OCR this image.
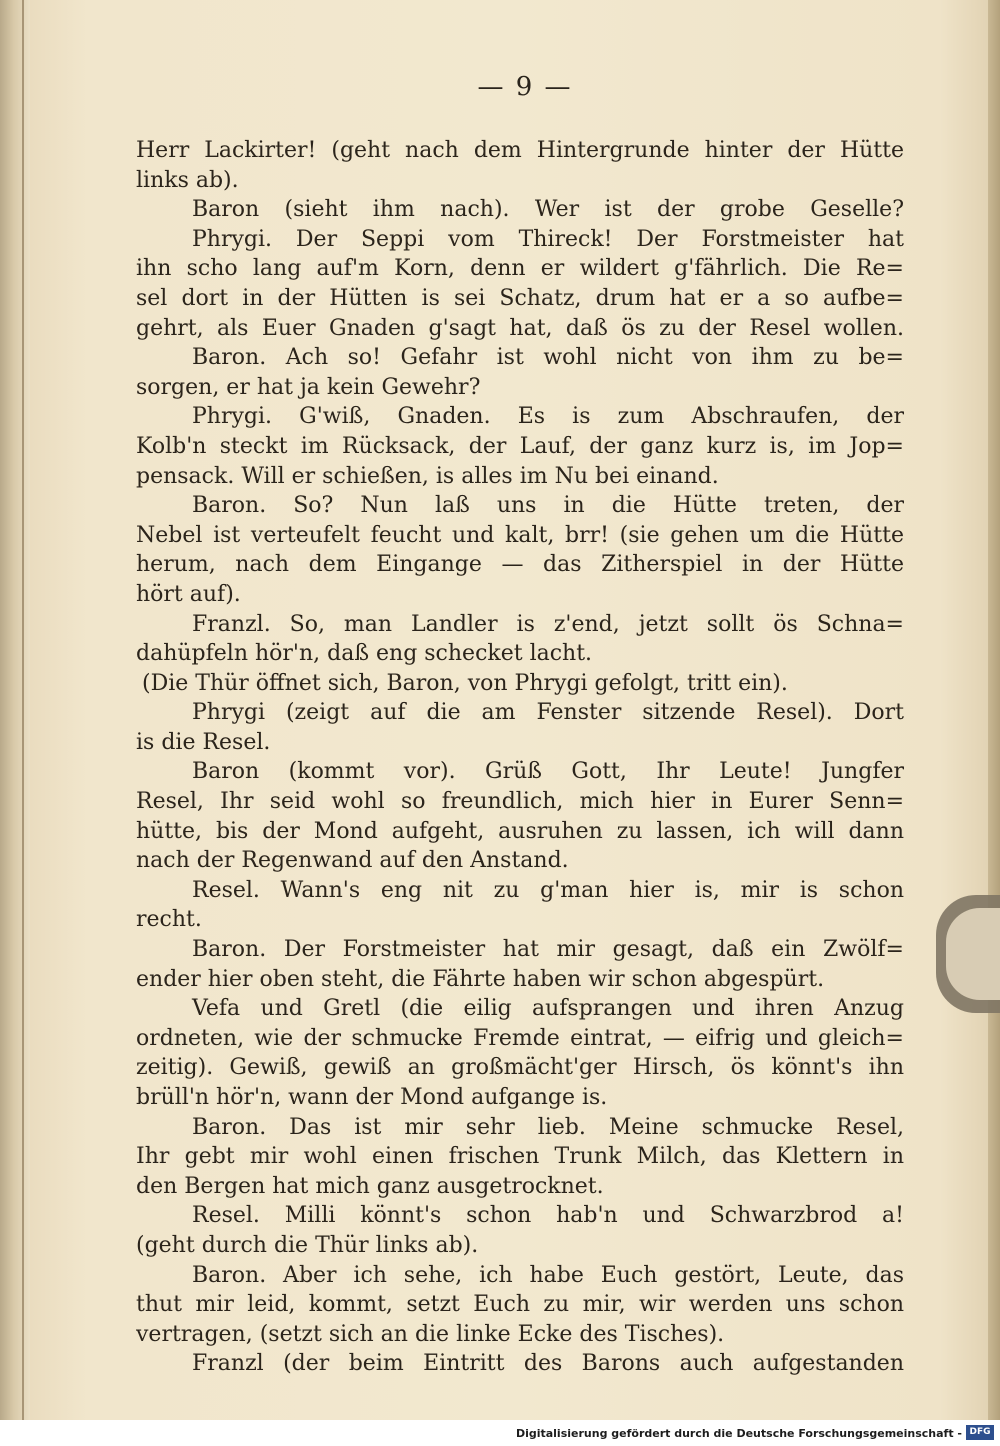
— 9 —
Herr Lackirter! (geht nach dem Hintergrunde hinter der Hütte
links ab).
Baron (sieht ihm nach). Wer ist der grobe Geselle?
Phrygi. Der Seppi vom Thireck! Der Forstmeister hat
ihn scho lang auf'm Korn, denn er wildert g'fährlich. Die Re=
sel dort in der Hütten is sei Schatz, drum hat er a so aufbe=
gehrt, als Euer Gnaden g'sagt hat, daß ös zu der Resel wollen.
Baron. Ach so! Gefahr ist wohl nicht von ihm zu be=
sorgen, er hat ja kein Gewehr?
Phrygi. G'wiß, Gnaden. Es is zum Abschraufen, der
Kolb'n steckt im Rücksack, der Lauf, der ganz kurz is, im Jop=
pensack. Will er schießen, is alles im Nu bei einand.
Baron. So? Nun laß uns in die Hütte treten, der
Nebel ist verteufelt feucht und kalt, brr! (sie gehen um die Hütte
herum, nach dem Eingange — das Zitherspiel in der Hütte
hört auf).
Franzl. So, man Landler is z'end, jetzt sollt ös Schna=
dahüpfeln hör'n, daß eng schecket lacht.
(Die Thür öffnet sich, Baron, von Phrygi gefolgt, tritt ein).
Phrygi (zeigt auf die am Fenster sitzende Resel). Dort
is die Resel.
Baron (kommt vor). Grüß Gott, Ihr Leute! Jungfer
Resel, Ihr seid wohl so freundlich, mich hier in Eurer Senn=
hütte, bis der Mond aufgeht, ausruhen zu lassen, ich will dann
nach der Regenwand auf den Anstand.
Resel. Wann's eng nit zu g'man hier is, mir is schon
recht.
Baron. Der Forstmeister hat mir gesagt, daß ein Zwölf=
ender hier oben steht, die Fährte haben wir schon abgespürt.
Vefa und Gretl (die eilig aufsprangen und ihren Anzug
ordneten, wie der schmucke Fremde eintrat, — eifrig und gleich=
zeitig). Gewiß, gewiß an großmächt'ger Hirsch, ös könnt's ihn
brüll'n hör'n, wann der Mond aufgange is.
Baron. Das ist mir sehr lieb. Meine schmucke Resel,
Ihr gebt mir wohl einen frischen Trunk Milch, das Klettern in
den Bergen hat mich ganz ausgetrocknet.
Resel. Milli könnt's schon hab'n und Schwarzbrod a!
(geht durch die Thür links ab).
Baron. Aber ich sehe, ich habe Euch gestört, Leute, das
thut mir leid, kommt, setzt Euch zu mir, wir werden uns schon
vertragen, (setzt sich an die linke Ecke des Tisches).
Franzl (der beim Eintritt des Barons auch aufgestanden
Digitalisierung gefördert durch die Deutsche Forschungsgemeinschaft - DFG
